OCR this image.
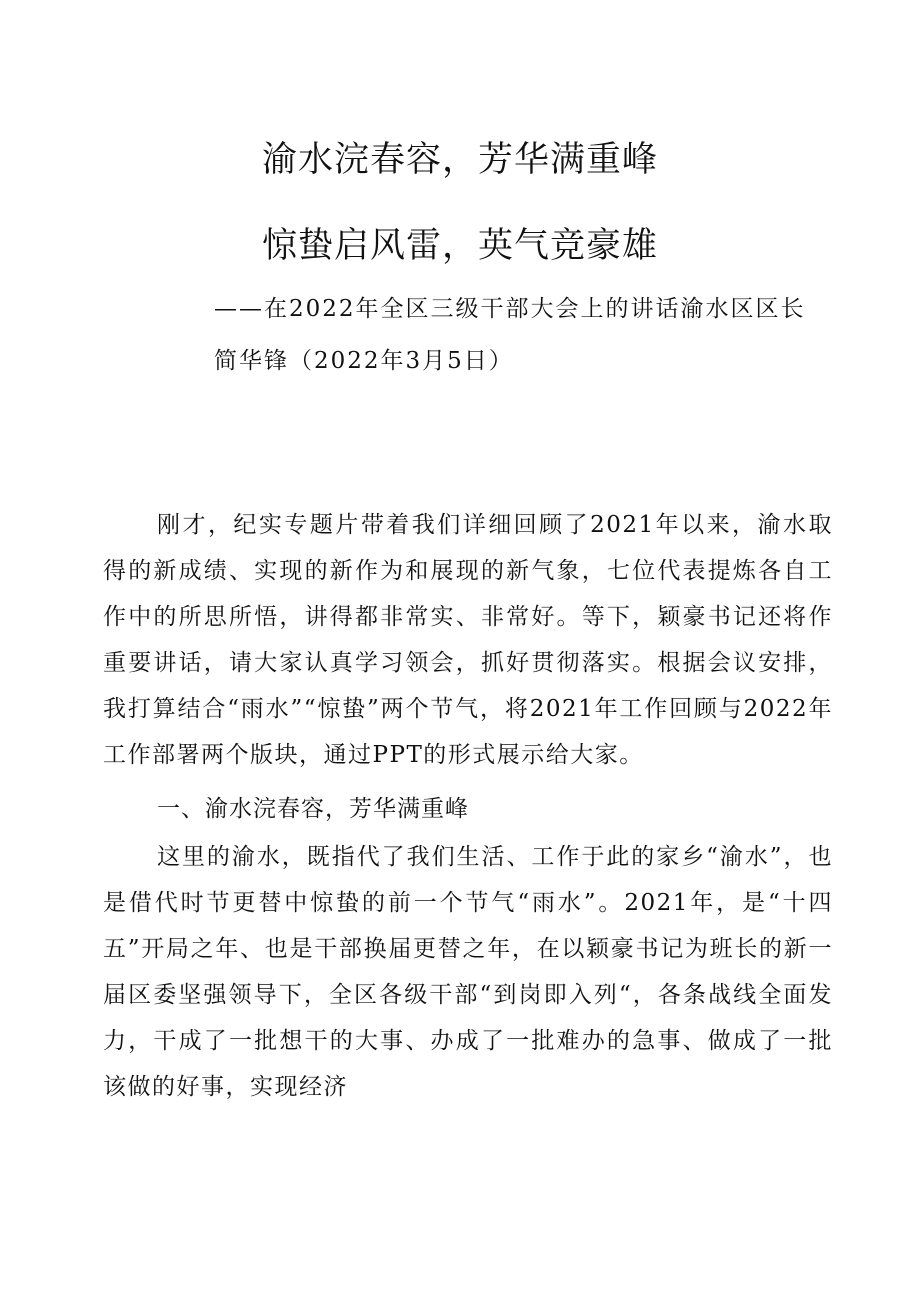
渝水浣春容，芳华满重峰
惊蛰启风雷，英气竞豪雄

——在2022年全区三级干部大会上的讲话渝水区区长

简华锋（2022年3月5日）

刚才，纪实专题片带着我们详细回顾了2021年以来，渝水取得的新成绩、实现的新作为和展现的新气象，七位代表提炼各自工作中的所思所悟，讲得都非常实、非常好。等下，颖豪书记还将作重要讲话，请大家认真学习领会，抓好贯彻落实。根据会议安排，我打算结合“雨水”“惊蛰”两个节气，将2021年工作回顾与2022年工作部署两个版块，通过PPT的形式展示给大家。

一、渝水浣春容，芳华满重峰

这里的渝水，既指代了我们生活、工作于此的家乡“渝水”，也是借代时节更替中惊蛰的前一个节气“雨水”。2021年，是“十四五”开局之年、也是干部换届更替之年，在以颖豪书记为班长的新一届区委坚强领导下，全区各级干部“到岗即入列“，各条战线全面发力，干成了一批想干的大事、办成了一批难办的急事、做成了一批该做的好事，实现经济
